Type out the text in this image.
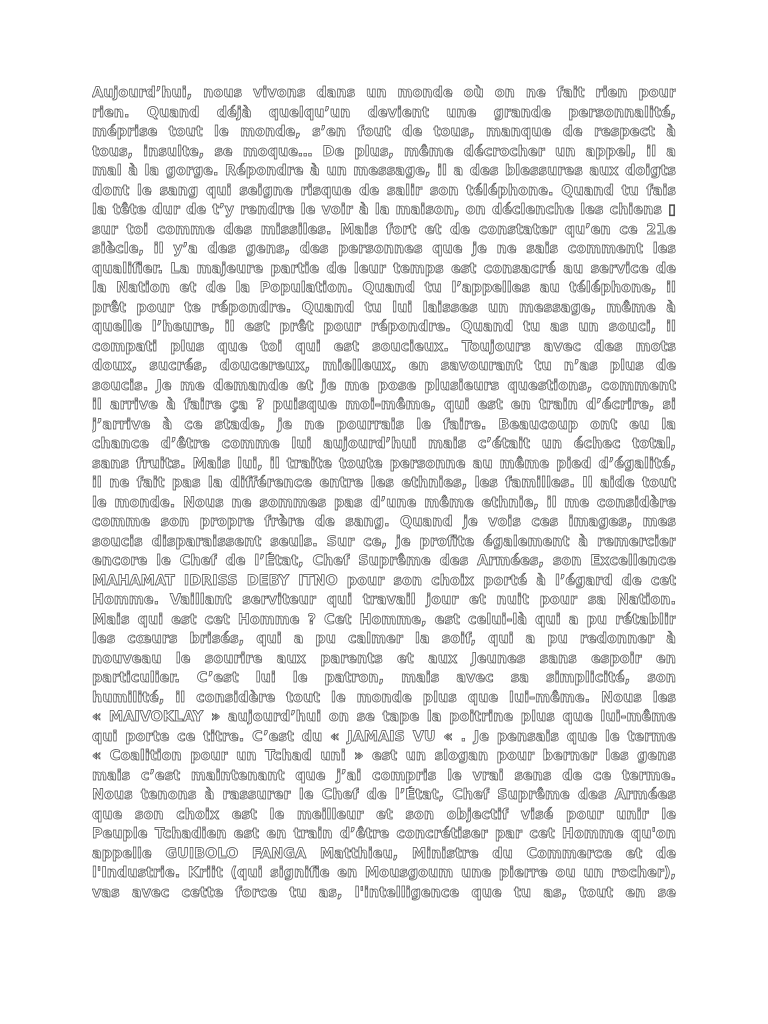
Aujourd’hui, nous vivons dans un monde où on ne fait rien pour
rien. Quand déjà quelqu’un devient une grande personnalité,
méprise tout le monde, s’en fout de tous, manque de respect à
tous, insulte, se moque… De plus, même décrocher un appel, il a
mal à la gorge. Répondre à un message, il a des blessures aux doigts
dont le sang qui seigne risque de salir son téléphone. Quand tu fais
la tête dur de t’y rendre le voir à la maison, on déclenche les chiens ▯
sur toi comme des missiles. Mais fort et de constater qu’en ce 21e
siècle, il y’a des gens, des personnes que je ne sais comment les
qualifier. La majeure partie de leur temps est consacré au service de
la Nation et de la Population. Quand tu l’appelles au téléphone, il
prêt pour te répondre. Quand tu lui laisses un message, même à
quelle l’heure, il est prêt pour répondre. Quand tu as un souci, il
compati plus que toi qui est soucieux. Toujours avec des mots
doux, sucrés, doucereux, mielleux, en savourant tu n’as plus de
soucis. Je me demande et je me pose plusieurs questions, comment
il arrive à faire ça ? puisque moi-même, qui est en train d’écrire, si
j’arrive à ce stade, je ne pourrais le faire. Beaucoup ont eu la
chance d’être comme lui aujourd’hui mais c’était un échec total,
sans fruits. Mais lui, il traite toute personne au même pied d’égalité,
il ne fait pas la différence entre les ethnies, les familles. Il aide tout
le monde. Nous ne sommes pas d’une même ethnie, il me considère
comme son propre frère de sang. Quand je vois ces images, mes
soucis disparaissent seuls. Sur ce, je profite également à remercier
encore le Chef de l’État, Chef Suprême des Armées, son Excellence
MAHAMAT IDRISS DEBY ITNO pour son choix porté à l’égard de cet
Homme. Vaillant serviteur qui travail jour et nuit pour sa Nation.
Mais qui est cet Homme ? Cet Homme, est celui-là qui a pu rétablir
les cœurs brisés, qui a pu calmer la soif, qui a pu redonner à
nouveau le sourire aux parents et aux Jeunes sans espoir en
particulier. C’est lui le patron, mais avec sa simplicité, son
humilité, il considère tout le monde plus que lui-même. Nous les
« MAIVOKLAY » aujourd’hui on se tape la poitrine plus que lui-même
qui porte ce titre. C’est du « JAMAIS VU « . Je pensais que le terme
« Coalition pour un Tchad uni » est un slogan pour berner les gens
mais c’est maintenant que j’ai compris le vrai sens de ce terme.
Nous tenons à rassurer le Chef de l’État, Chef Suprême des Armées
que son choix est le meilleur et son objectif visé pour unir le
Peuple Tchadien est en train d’être concrétiser par cet Homme qu'on
appelle GUIBOLO FANGA Matthieu, Ministre du Commerce et de
l'Industrie. Kriit (qui signifie en Mousgoum une pierre ou un rocher),
vas avec cette force tu as, l'intelligence que tu as, tout en se
